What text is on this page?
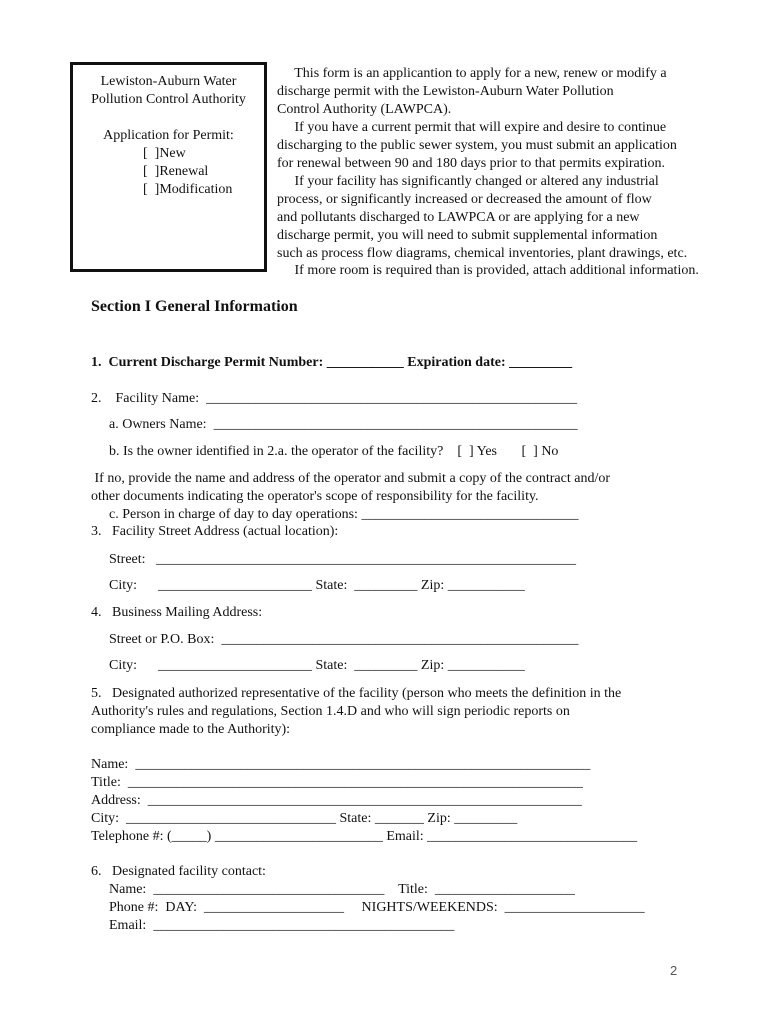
Lewiston-Auburn Water
Pollution Control Authority
Application for Permit:
[  ]New
[  ]Renewal
[  ]Modification
This form is an applicantion to apply for a new, renew or modify a
discharge permit with the Lewiston-Auburn Water Pollution
Control Authority (LAWPCA).
If you have a current permit that will expire and desire to continue
discharging to the public sewer system, you must submit an application
for renewal between 90 and 180 days prior to that permits expiration.
If your facility has significantly changed or altered any industrial
process, or significantly increased or decreased the amount of flow
and pollutants discharged to LAWPCA or are applying for a new
discharge permit, you will need to submit supplemental information
such as process flow diagrams, chemical inventories, plant drawings, etc.
If more room is required than is provided, attach additional information.
Section I General Information
1.  Current Discharge Permit Number: ___________ Expiration date: _________
2.    Facility Name:  _____________________________________________________
a. Owners Name:  ____________________________________________________
b. Is the owner identified in 2.a. the operator of the facility?    [  ] Yes       [  ] No
If no, provide the name and address of the operator and submit a copy of the contract and/or
other documents indicating the operator's scope of responsibility for the facility.
c. Person in charge of day to day operations: _______________________________
3.   Facility Street Address (actual location):
Street:   ____________________________________________________________
City:      ______________________ State:  _________ Zip: ___________
4.   Business Mailing Address:
Street or P.O. Box:  ___________________________________________________
City:      ______________________ State:  _________ Zip: ___________
5.   Designated authorized representative of the facility (person who meets the definition in the
Authority's rules and regulations, Section 1.4.D and who will sign periodic reports on
compliance made to the Authority):
Name:  _________________________________________________________________
Title:  _________________________________________________________________
Address:  ______________________________________________________________
City:  ______________________________ State: _______ Zip: _________
Telephone #: (_____) ________________________ Email: ______________________________
6.   Designated facility contact:
Name:  _________________________________    Title:  ____________________
Phone #:  DAY:  ____________________     NIGHTS/WEEKENDS:  ____________________
Email:  ___________________________________________
2
